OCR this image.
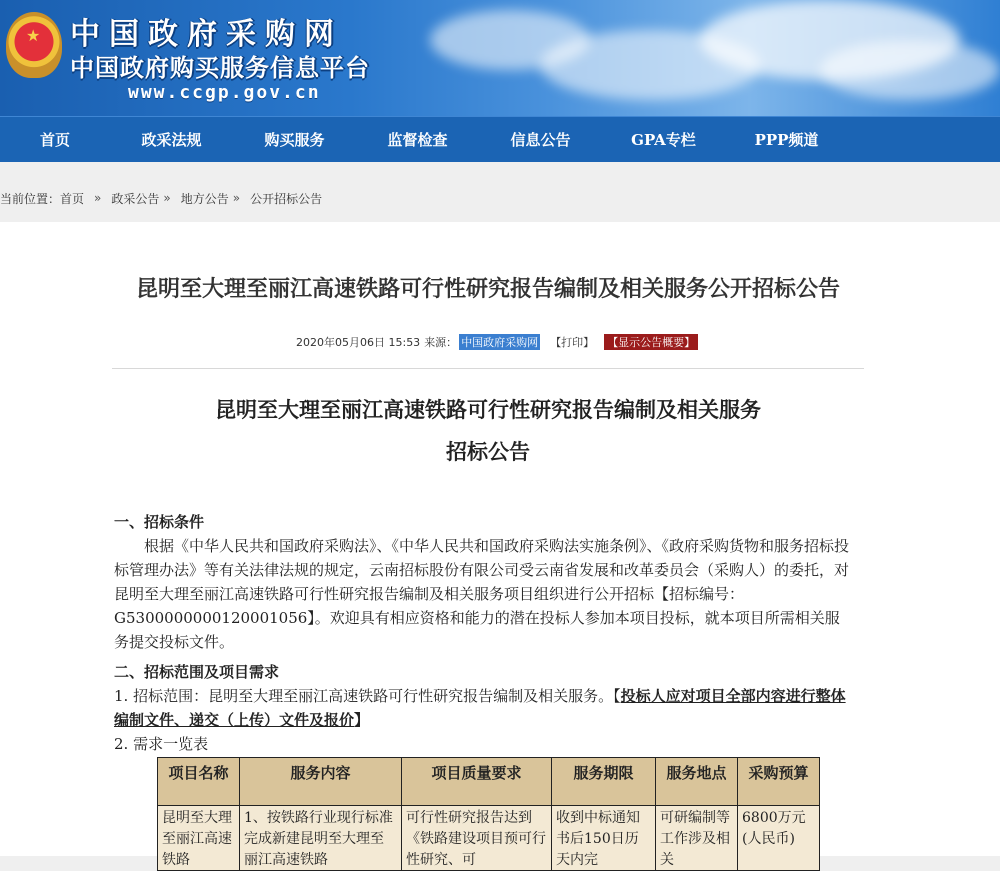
★ 中国政府采购网
中国政府购买服务信息平台
www.ccgp.gov.cn
首页	政采法规	购买服务	监督检查	信息公告	GPA专栏	PPP频道
当前位置： 首页 » 政采公告 » 地方公告 » 公开招标公告
昆明至大理至丽江高速铁路可行性研究报告编制及相关服务公开招标公告
2020年05月06日 15:53 来源： 中国政府采购网 【打印】 【显示公告概要】
昆明至大理至丽江高速铁路可行性研究报告编制及相关服务
招标公告
一、招标条件
根据《中华人民共和国政府采购法》、《中华人民共和国政府采购法实施条例》、《政府采购货物和服务招标投标管理办法》等有关法律法规的规定，云南招标股份有限公司受云南省发展和改革委员会（采购人）的委托，对昆明至大理至丽江高速铁路可行性研究报告编制及相关服务项目组织进行公开招标【招标编号：G5300000000120001056】。欢迎具有相应资格和能力的潜在投标人参加本项目投标，就本项目所需相关服务提交投标文件。
二、招标范围及项目需求
1. 招标范围：昆明至大理至丽江高速铁路可行性研究报告编制及相关服务。【投标人应对项目全部内容进行整体编制文件、递交（上传）文件及报价】
2. 需求一览表
项目名称	服务内容	项目质量要求	服务期限	服务地点	采购预算

昆明至大理至丽江高速铁路	1、按铁路行业现行标准完成新建昆明至大理至丽江高速铁路	可行性研究报告达到《铁路建设项目预可行性研究、可	收到中标通知书后150日历天内完	可研编制等工作涉及相关	6800万元(人民币)
